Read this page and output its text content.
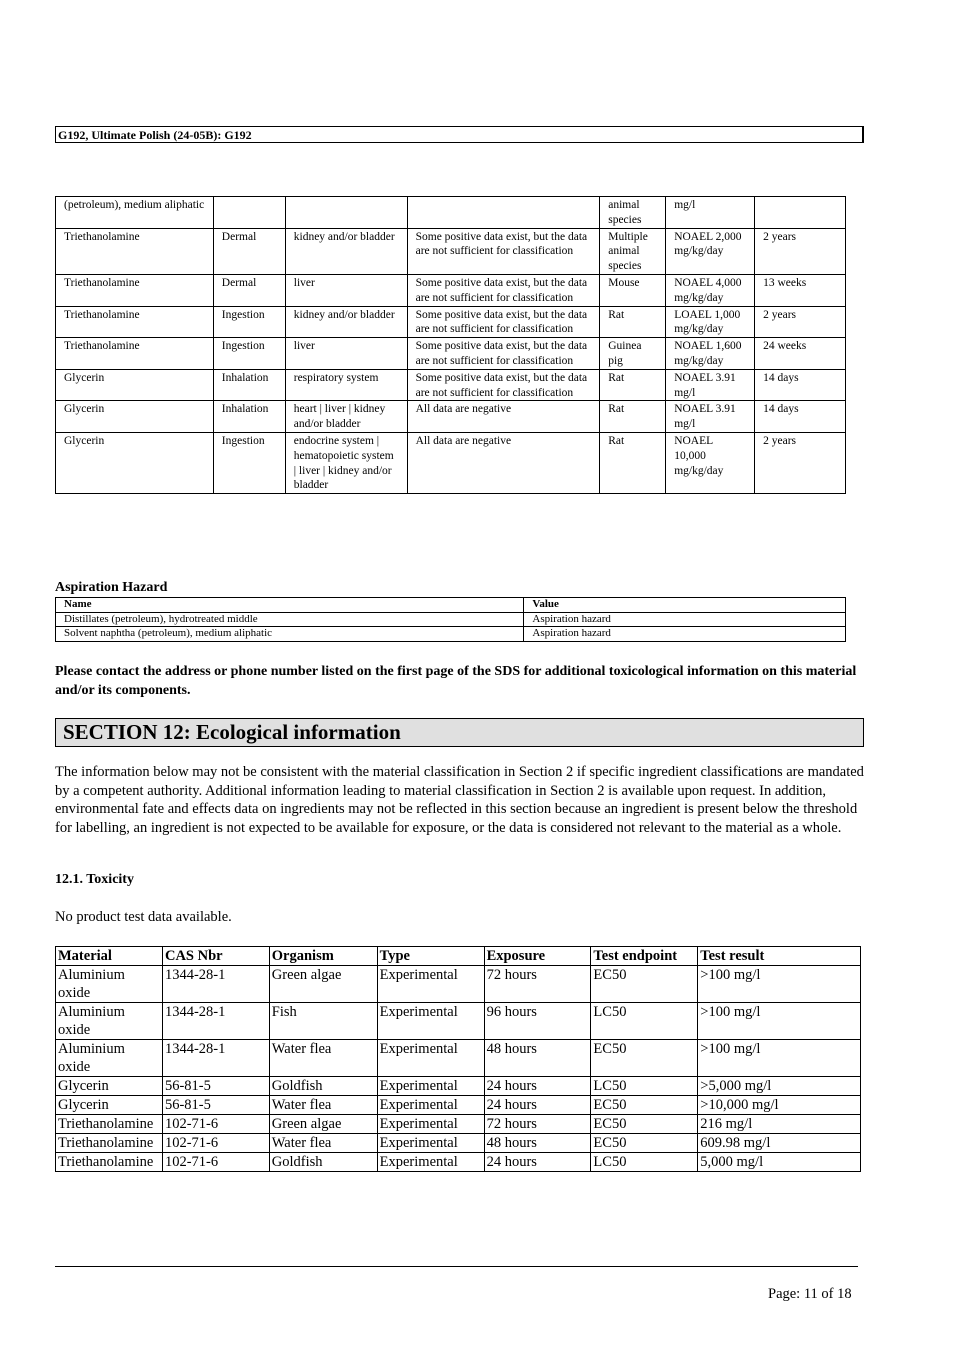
G192, Ultimate Polish (24-05B): G192
(petroleum), medium aliphatic				animal species	mg/l	
Triethanolamine	Dermal	kidney and/or bladder	Some positive data exist, but the data are not sufficient for classification	Multiple animal species	NOAEL 2,000 mg/kg/day	2 years
Triethanolamine	Dermal	liver	Some positive data exist, but the data are not sufficient for classification	Mouse	NOAEL 4,000 mg/kg/day	13 weeks
Triethanolamine	Ingestion	kidney and/or bladder	Some positive data exist, but the data are not sufficient for classification	Rat	LOAEL 1,000 mg/kg/day	2 years
Triethanolamine	Ingestion	liver	Some positive data exist, but the data are not sufficient for classification	Guinea pig	NOAEL 1,600 mg/kg/day	24 weeks
Glycerin	Inhalation	respiratory system	Some positive data exist, but the data are not sufficient for classification	Rat	NOAEL 3.91 mg/l	14 days
Glycerin	Inhalation	heart | liver | kidney and/or bladder	All data are negative	Rat	NOAEL 3.91 mg/l	14 days
Glycerin	Ingestion	endocrine system | hematopoietic system | liver | kidney and/or bladder	All data are negative	Rat	NOAEL 10,000 mg/kg/day	2 years
Aspiration Hazard
Name	Value
Distillates (petroleum), hydrotreated middle	Aspiration hazard
Solvent naphtha (petroleum), medium aliphatic	Aspiration hazard
Please contact the address or phone number listed on the first page of the SDS for additional toxicological information on this material and/or its components.
SECTION 12: Ecological information
The information below may not be consistent with the material classification in Section 2 if specific ingredient classifications are mandated by a competent authority. Additional information leading to material classification in Section 2 is available upon request. In addition, environmental fate and effects data on ingredients may not be reflected in this section because an ingredient is present below the threshold for labelling, an ingredient is not expected to be available for exposure, or the data is considered not relevant to the material as a whole.
12.1. Toxicity
No product test data available.
Material	CAS Nbr	Organism	Type	Exposure	Test endpoint	Test result
Aluminium oxide	1344-28-1	Green algae	Experimental	72 hours	EC50	>100 mg/l
Aluminium oxide	1344-28-1	Fish	Experimental	96 hours	LC50	>100 mg/l
Aluminium oxide	1344-28-1	Water flea	Experimental	48 hours	EC50	>100 mg/l
Glycerin	56-81-5	Goldfish	Experimental	24 hours	LC50	>5,000 mg/l
Glycerin	56-81-5	Water flea	Experimental	24 hours	EC50	>10,000 mg/l
Triethanolamine	102-71-6	Green algae	Experimental	72 hours	EC50	216 mg/l
Triethanolamine	102-71-6	Water flea	Experimental	48 hours	EC50	609.98 mg/l
Triethanolamine	102-71-6	Goldfish	Experimental	24 hours	LC50	5,000 mg/l
Page: 11 of 18
